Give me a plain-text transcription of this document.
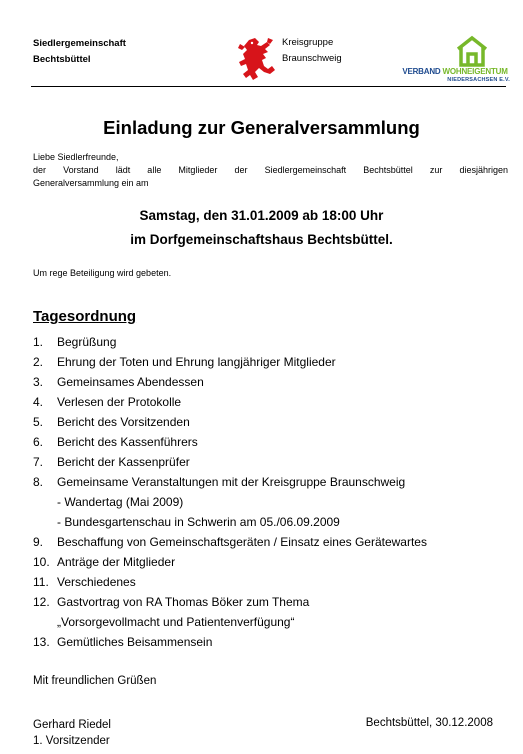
Siedlergemeinschaft
Bechtsbüttel
Kreisgruppe
Braunschweig
VERBAND WOHNEIGENTUM
NIEDERSACHSEN E.V.
Einladung zur Generalversammlung
Liebe Siedlerfreunde,
der Vorstand lädt alle Mitglieder der Siedlergemeinschaft Bechtsbüttel zur diesjährigen
Generalversammlung ein am
Samstag, den 31.01.2009 ab 18:00 Uhr
im Dorfgemeinschaftshaus Bechtsbüttel.
Um rege Beteiligung wird gebeten.
Tagesordnung
1. Begrüßung
2. Ehrung der Toten und Ehrung langjähriger Mitglieder
3. Gemeinsames Abendessen
4. Verlesen der Protokolle
5. Bericht des Vorsitzenden
6. Bericht des Kassenführers
7. Bericht der Kassenprüfer
8. Gemeinsame Veranstaltungen mit der Kreisgruppe Braunschweig
- Wandertag (Mai 2009)
- Bundesgartenschau in Schwerin am 05./06.09.2009
9. Beschaffung von Gemeinschaftsgeräten / Einsatz eines Gerätewartes
10. Anträge der Mitglieder
11. Verschiedenes
12. Gastvortrag von RA Thomas Böker zum Thema
„Vorsorgevollmacht und Patientenverfügung“
13. Gemütliches Beisammensein
Mit freundlichen Grüßen
Gerhard Riedel
1. Vorsitzender
Bechtsbüttel, 30.12.2008
